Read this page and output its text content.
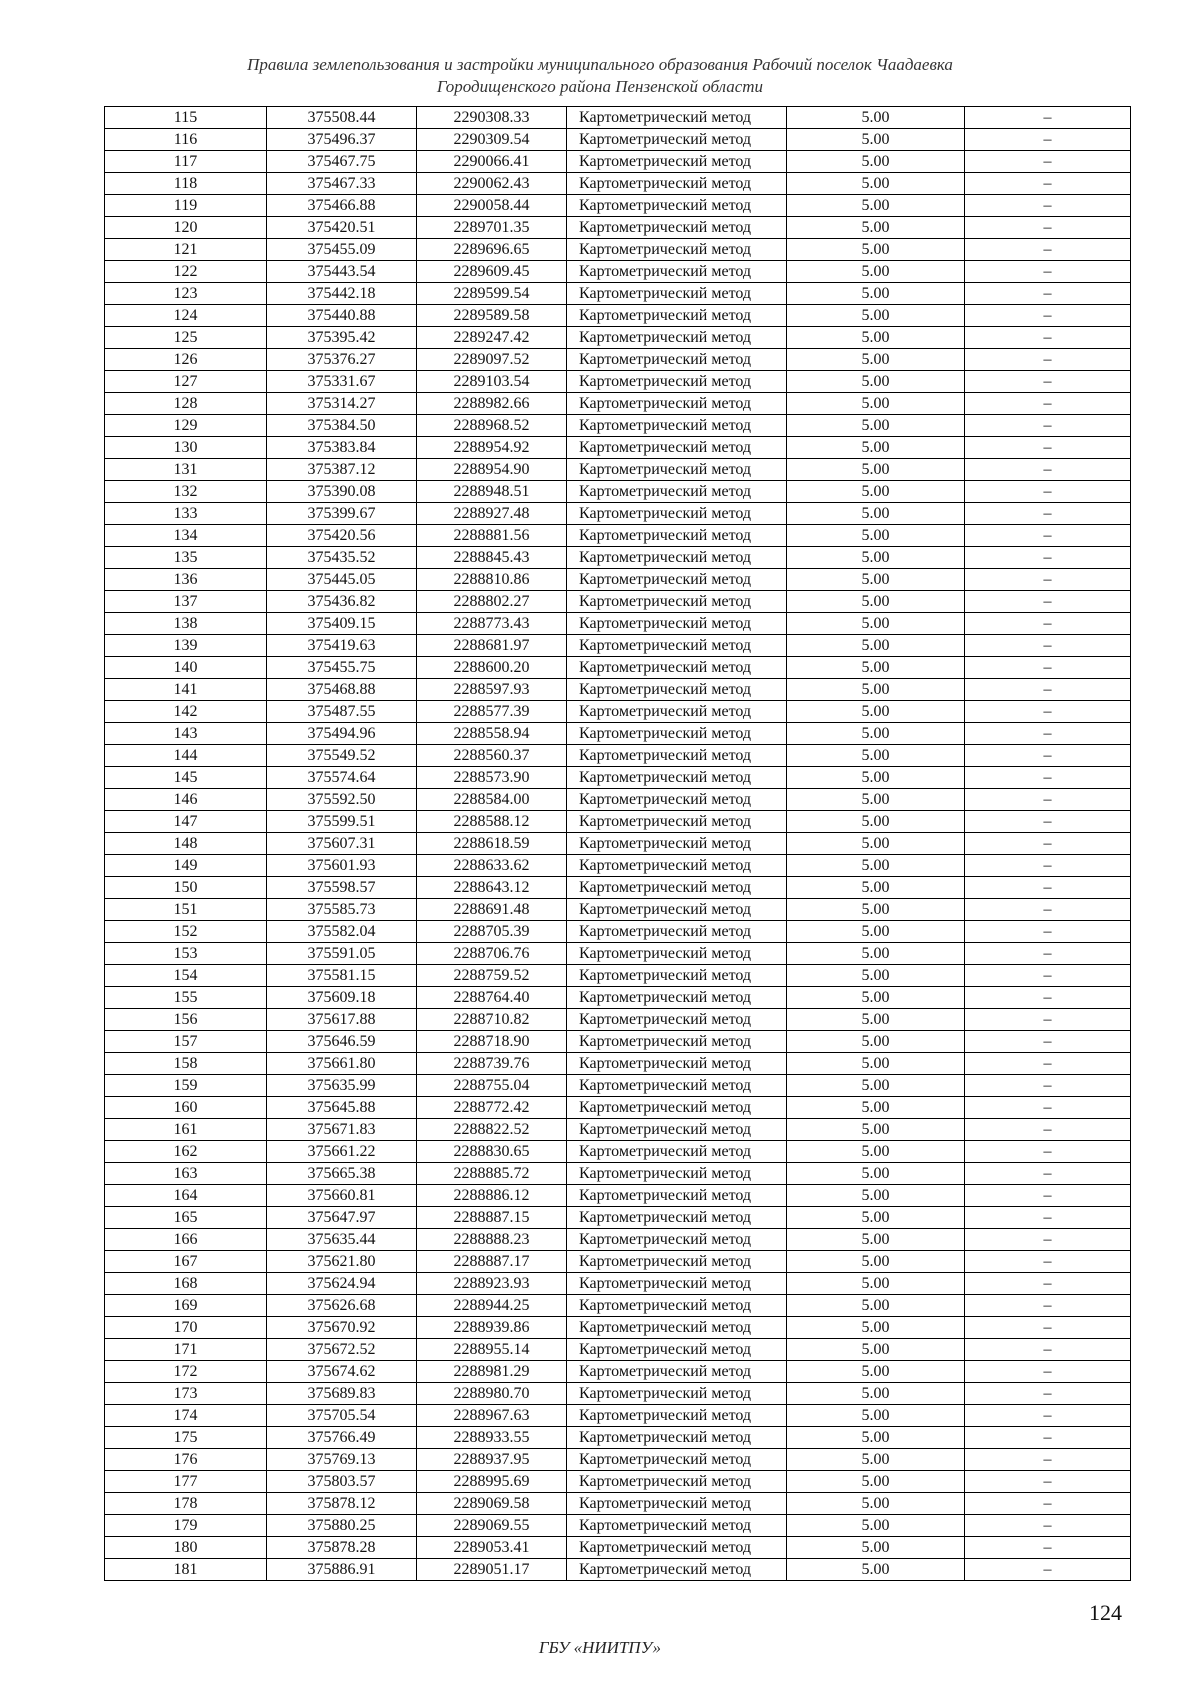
Правила землепользования и застройки муниципального образования Рабочий поселок Чаадаевка
Городищенского района Пензенской области
115	375508.44	2290308.33	Картометрический метод	5.00	–
116	375496.37	2290309.54	Картометрический метод	5.00	–
117	375467.75	2290066.41	Картометрический метод	5.00	–
118	375467.33	2290062.43	Картометрический метод	5.00	–
119	375466.88	2290058.44	Картометрический метод	5.00	–
120	375420.51	2289701.35	Картометрический метод	5.00	–
121	375455.09	2289696.65	Картометрический метод	5.00	–
122	375443.54	2289609.45	Картометрический метод	5.00	–
123	375442.18	2289599.54	Картометрический метод	5.00	–
124	375440.88	2289589.58	Картометрический метод	5.00	–
125	375395.42	2289247.42	Картометрический метод	5.00	–
126	375376.27	2289097.52	Картометрический метод	5.00	–
127	375331.67	2289103.54	Картометрический метод	5.00	–
128	375314.27	2288982.66	Картометрический метод	5.00	–
129	375384.50	2288968.52	Картометрический метод	5.00	–
130	375383.84	2288954.92	Картометрический метод	5.00	–
131	375387.12	2288954.90	Картометрический метод	5.00	–
132	375390.08	2288948.51	Картометрический метод	5.00	–
133	375399.67	2288927.48	Картометрический метод	5.00	–
134	375420.56	2288881.56	Картометрический метод	5.00	–
135	375435.52	2288845.43	Картометрический метод	5.00	–
136	375445.05	2288810.86	Картометрический метод	5.00	–
137	375436.82	2288802.27	Картометрический метод	5.00	–
138	375409.15	2288773.43	Картометрический метод	5.00	–
139	375419.63	2288681.97	Картометрический метод	5.00	–
140	375455.75	2288600.20	Картометрический метод	5.00	–
141	375468.88	2288597.93	Картометрический метод	5.00	–
142	375487.55	2288577.39	Картометрический метод	5.00	–
143	375494.96	2288558.94	Картометрический метод	5.00	–
144	375549.52	2288560.37	Картометрический метод	5.00	–
145	375574.64	2288573.90	Картометрический метод	5.00	–
146	375592.50	2288584.00	Картометрический метод	5.00	–
147	375599.51	2288588.12	Картометрический метод	5.00	–
148	375607.31	2288618.59	Картометрический метод	5.00	–
149	375601.93	2288633.62	Картометрический метод	5.00	–
150	375598.57	2288643.12	Картометрический метод	5.00	–
151	375585.73	2288691.48	Картометрический метод	5.00	–
152	375582.04	2288705.39	Картометрический метод	5.00	–
153	375591.05	2288706.76	Картометрический метод	5.00	–
154	375581.15	2288759.52	Картометрический метод	5.00	–
155	375609.18	2288764.40	Картометрический метод	5.00	–
156	375617.88	2288710.82	Картометрический метод	5.00	–
157	375646.59	2288718.90	Картометрический метод	5.00	–
158	375661.80	2288739.76	Картометрический метод	5.00	–
159	375635.99	2288755.04	Картометрический метод	5.00	–
160	375645.88	2288772.42	Картометрический метод	5.00	–
161	375671.83	2288822.52	Картометрический метод	5.00	–
162	375661.22	2288830.65	Картометрический метод	5.00	–
163	375665.38	2288885.72	Картометрический метод	5.00	–
164	375660.81	2288886.12	Картометрический метод	5.00	–
165	375647.97	2288887.15	Картометрический метод	5.00	–
166	375635.44	2288888.23	Картометрический метод	5.00	–
167	375621.80	2288887.17	Картометрический метод	5.00	–
168	375624.94	2288923.93	Картометрический метод	5.00	–
169	375626.68	2288944.25	Картометрический метод	5.00	–
170	375670.92	2288939.86	Картометрический метод	5.00	–
171	375672.52	2288955.14	Картометрический метод	5.00	–
172	375674.62	2288981.29	Картометрический метод	5.00	–
173	375689.83	2288980.70	Картометрический метод	5.00	–
174	375705.54	2288967.63	Картометрический метод	5.00	–
175	375766.49	2288933.55	Картометрический метод	5.00	–
176	375769.13	2288937.95	Картометрический метод	5.00	–
177	375803.57	2288995.69	Картометрический метод	5.00	–
178	375878.12	2289069.58	Картометрический метод	5.00	–
179	375880.25	2289069.55	Картометрический метод	5.00	–
180	375878.28	2289053.41	Картометрический метод	5.00	–
181	375886.91	2289051.17	Картометрический метод	5.00	–
124
ГБУ «НИИТПУ»
